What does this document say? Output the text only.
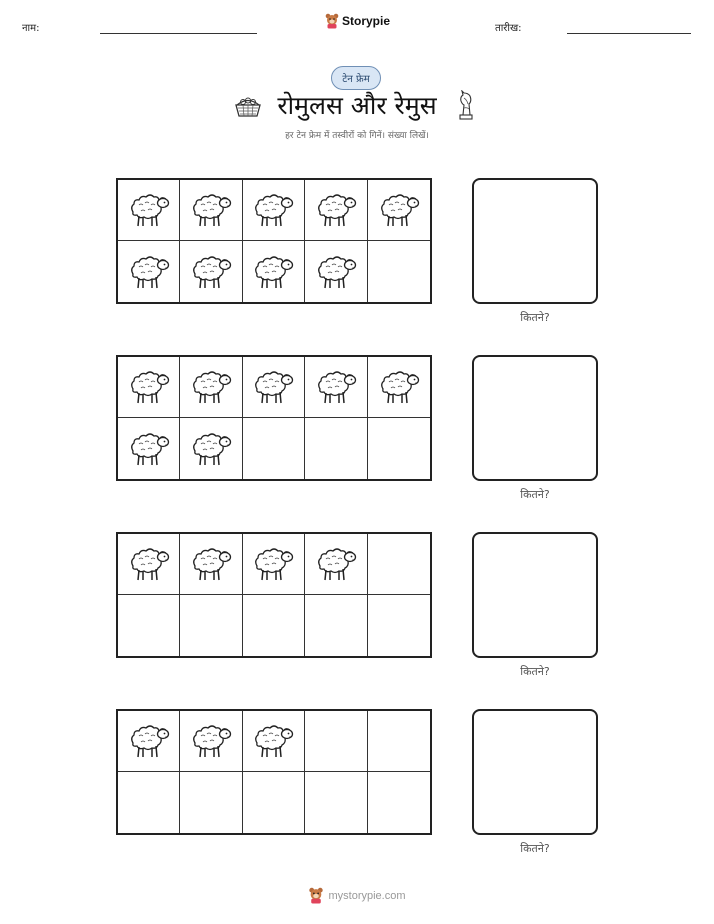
नाम:
Storypie
तारीख:
टेन फ्रेम
रोमुलस और रेमुस
हर टेन फ्रेम में तस्वीरों को गिनें। संख्या लिखें।
कितने?
कितने?
कितने?
कितने?
mystorypie.com
